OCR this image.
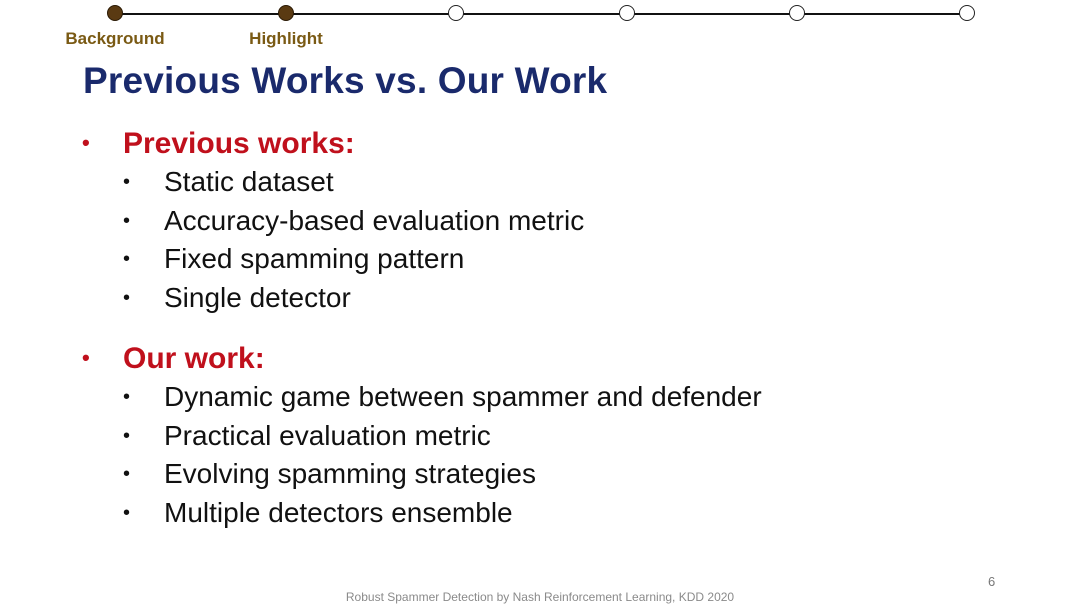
Background	Highlight
Previous Works vs. Our Work
•	Previous works:
•	Static dataset
•	Accuracy-based evaluation metric
•	Fixed spamming pattern
•	Single detector
•	Our work:
•	Dynamic game between spammer and defender
•	Practical evaluation metric
•	Evolving spamming strategies
•	Multiple detectors ensemble
6
Robust Spammer Detection by Nash Reinforcement Learning, KDD 2020
